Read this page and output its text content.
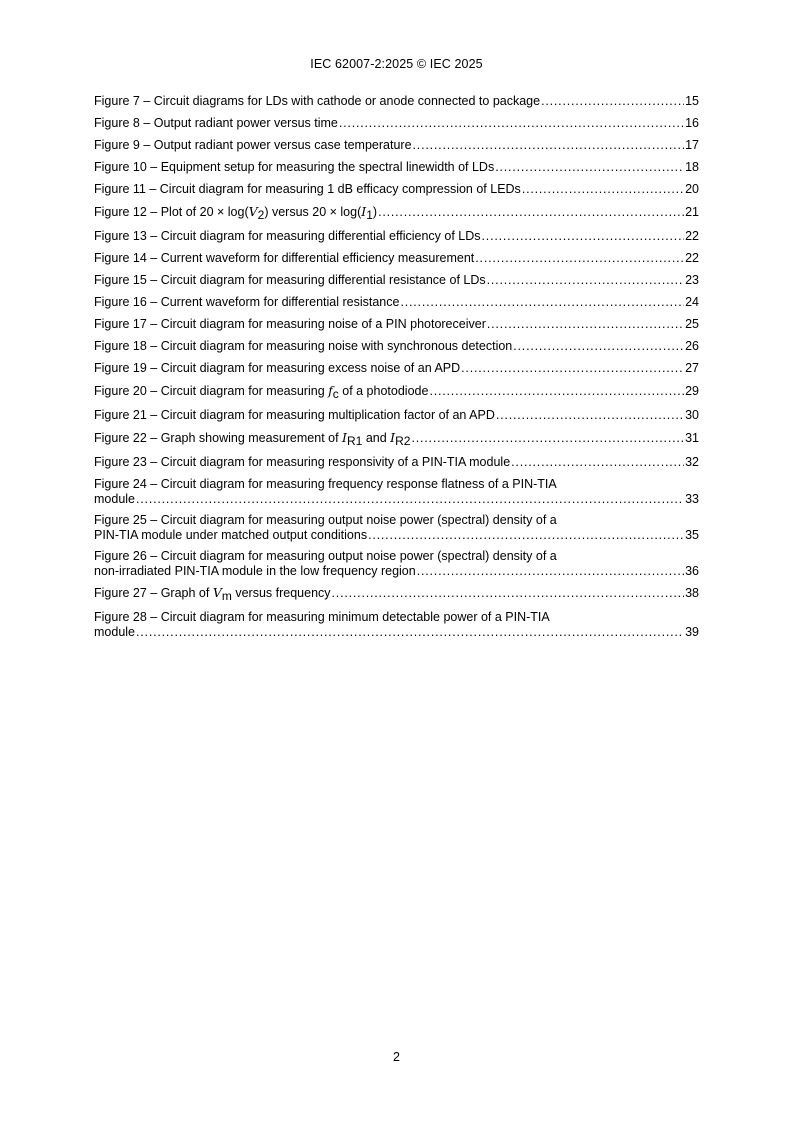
IEC 62007-2:2025 © IEC 2025
Figure 7 – Circuit diagrams for LDs with cathode or anode connected to package .....	15
Figure 8 – Output radiant power versus time .....	16
Figure 9 – Output radiant power versus case temperature .....	17
Figure 10 – Equipment setup for measuring the spectral linewidth of LDs .....	18
Figure 11 – Circuit diagram for measuring 1 dB efficacy compression of LEDs .....	20
Figure 12 – Plot of 20 × log(V2) versus 20 × log(I1) .....	21
Figure 13 – Circuit diagram for measuring differential efficiency of LDs .....	22
Figure 14 – Current waveform for differential efficiency measurement .....	22
Figure 15 – Circuit diagram for measuring differential resistance of LDs .....	23
Figure 16 – Current waveform for differential resistance .....	24
Figure 17 – Circuit diagram for measuring noise of a PIN photoreceiver .....	25
Figure 18 – Circuit diagram for measuring noise with synchronous detection .....	26
Figure 19 – Circuit diagram for measuring excess noise of an APD .....	27
Figure 20 – Circuit diagram for measuring fc of a photodiode .....	29
Figure 21 – Circuit diagram for measuring multiplication factor of an APD .....	30
Figure 22 – Graph showing measurement of IR1 and IR2 .....	31
Figure 23 – Circuit diagram for measuring responsivity of a PIN-TIA module .....	32
Figure 24 – Circuit diagram for measuring frequency response flatness of a PIN-TIA
module .....	33
Figure 25 – Circuit diagram for measuring output noise power (spectral) density of a
PIN-TIA module under matched output conditions .....	35
Figure 26 – Circuit diagram for measuring output noise power (spectral) density of a
non-irradiated PIN-TIA module in the low frequency region .....	36
Figure 27 – Graph of Vm versus frequency .....	38
Figure 28 – Circuit diagram for measuring minimum detectable power of a PIN-TIA
module .....	39
2
